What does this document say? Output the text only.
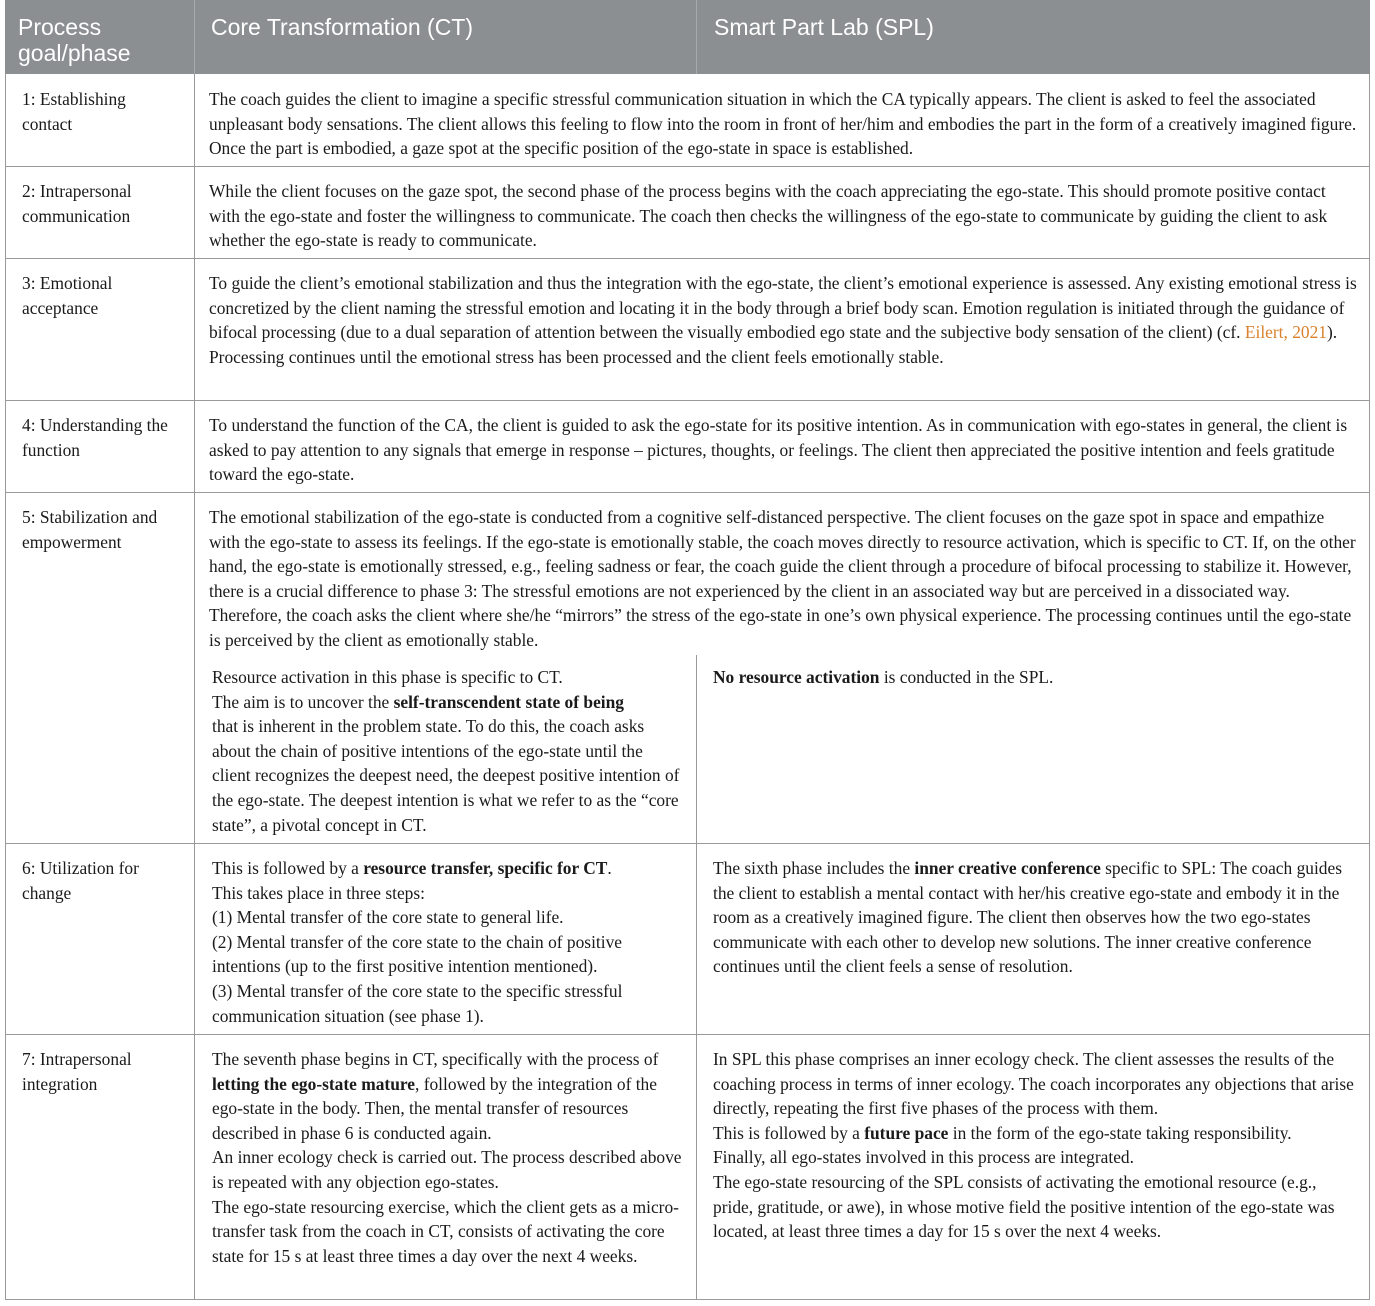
Process goal/phase
Core Transformation (CT)	Smart Part Lab (SPL)
1: Establishing contact
The coach guides the client to imagine a specific stressful communication situation in which the CA typically appears. The client is asked to feel the associated unpleasant body sensations. The client allows this feeling to flow into the room in front of her/him and embodies the part in the form of a creatively imagined figure. Once the part is embodied, a gaze spot at the specific position of the ego-state in space is established.
2: Intrapersonal communication
While the client focuses on the gaze spot, the second phase of the process begins with the coach appreciating the ego-state. This should promote positive contact with the ego-state and foster the willingness to communicate. The coach then checks the willingness of the ego-state to communicate by guiding the client to ask whether the ego-state is ready to communicate.
3: Emotional acceptance
To guide the client’s emotional stabilization and thus the integration with the ego-state, the client’s emotional experience is assessed. Any existing emotional stress is concretized by the client naming the stressful emotion and locating it in the body through a brief body scan. Emotion regulation is initiated through the guidance of bifocal processing (due to a dual separation of attention between the visually embodied ego state and the subjective body sensation of the client) (cf. Eilert, 2021). Processing continues until the emotional stress has been processed and the client feels emotionally stable.
4: Understanding the function
To understand the function of the CA, the client is guided to ask the ego-state for its positive intention. As in communication with ego-states in general, the client is asked to pay attention to any signals that emerge in response – pictures, thoughts, or feelings. The client then appreciated the positive intention and feels gratitude toward the ego-state.
5: Stabilization and empowerment
The emotional stabilization of the ego-state is conducted from a cognitive self-distanced perspective. The client focuses on the gaze spot in space and empathize with the ego-state to assess its feelings. If the ego-state is emotionally stable, the coach moves directly to resource activation, which is specific to CT. If, on the other hand, the ego-state is emotionally stressed, e.g., feeling sadness or fear, the coach guide the client through a procedure of bifocal processing to stabilize it. However, there is a crucial difference to phase 3: The stressful emotions are not experienced by the client in an associated way but are perceived in a dissociated way. Therefore, the coach asks the client where she/he “mirrors” the stress of the ego-state in one’s own physical experience. The processing continues until the ego-state is perceived by the client as emotionally stable.
Resource activation in this phase is specific to CT.
The aim is to uncover the self-transcendent state of being
that is inherent in the problem state. To do this, the coach asks about the chain of positive intentions of the ego-state until the client recognizes the deepest need, the deepest positive intention of the ego-state. The deepest intention is what we refer to as the “core state”, a pivotal concept in CT.
No resource activation is conducted in the SPL.
6: Utilization for change
This is followed by a resource transfer, specific for CT.
This takes place in three steps:
(1) Mental transfer of the core state to general life.
(2) Mental transfer of the core state to the chain of positive intentions (up to the first positive intention mentioned).
(3) Mental transfer of the core state to the specific stressful communication situation (see phase 1).
The sixth phase includes the inner creative conference specific to SPL: The coach guides the client to establish a mental contact with her/his creative ego-state and embody it in the room as a creatively imagined figure. The client then observes how the two ego-states communicate with each other to develop new solutions. The inner creative conference continues until the client feels a sense of resolution.
7: Intrapersonal integration
The seventh phase begins in CT, specifically with the process of letting the ego-state mature, followed by the integration of the ego-state in the body. Then, the mental transfer of resources described in phase 6 is conducted again.
An inner ecology check is carried out. The process described above is repeated with any objection ego-states.
The ego-state resourcing exercise, which the client gets as a micro-transfer task from the coach in CT, consists of activating the core state for 15 s at least three times a day over the next 4 weeks.
In SPL this phase comprises an inner ecology check. The client assesses the results of the coaching process in terms of inner ecology. The coach incorporates any objections that arise directly, repeating the first five phases of the process with them.
This is followed by a future pace in the form of the ego-state taking responsibility.
Finally, all ego-states involved in this process are integrated.
The ego-state resourcing of the SPL consists of activating the emotional resource (e.g., pride, gratitude, or awe), in whose motive field the positive intention of the ego-state was located, at least three times a day for 15 s over the next 4 weeks.
